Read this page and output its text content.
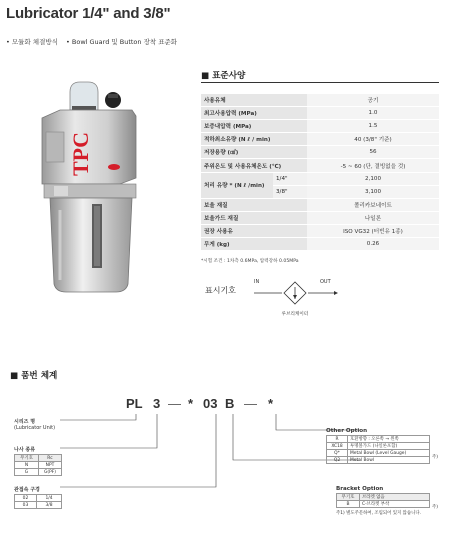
Lubricator 1/4" and 3/8"
• 모듈화 체결방식 • Bowl Guard 및 Button 장착 표준화
TPC
■ 표준사양
사용유체		공기
최고사용압력 (MPa)		1.0
보증내압력 (MPa)		1.5
적하최소유량 (N ℓ / min)		40 (3/8" 기준)
저장용량 (㎤)		56
주위온도 및 사용유체온도 (℃)		-5 ~ 60 (단, 결빙없을 것)
처리 유량 * (N ℓ /min)	1/4"	2,100
	3/8"	3,100
보울 재질		폴리카보네이트
보울가드 재질		나일론
권장 사용유		ISO VG32 (터빈유 1종)
무게 (kg)		0.26
*시험 조건 : 1차측 0.6MPa, 압력강하 0.05MPa
표시기호
IN	OUT
루브리케이터
■ 품번 체계
PL 3 — * 03 B — *
시리즈 명
(Lubricator Unit)
나사 종류
무기호	Rc
N	NPT
G	G(PF)
관접속 구경
02	1/4
03	3/8
Other Option
R	호환방향 : 오른쪽 → 왼쪽
XC18	투명볼가드 (나일론포함)
Q*	Metal Bowl (Level Gauge)
Q2	Metal Bowl	주)
Bracket Option
무기호	브라켓 없음
B	C-브라켓 부착
주)
주1) 별도주문하여, 조립되어 있지 않습니다.
